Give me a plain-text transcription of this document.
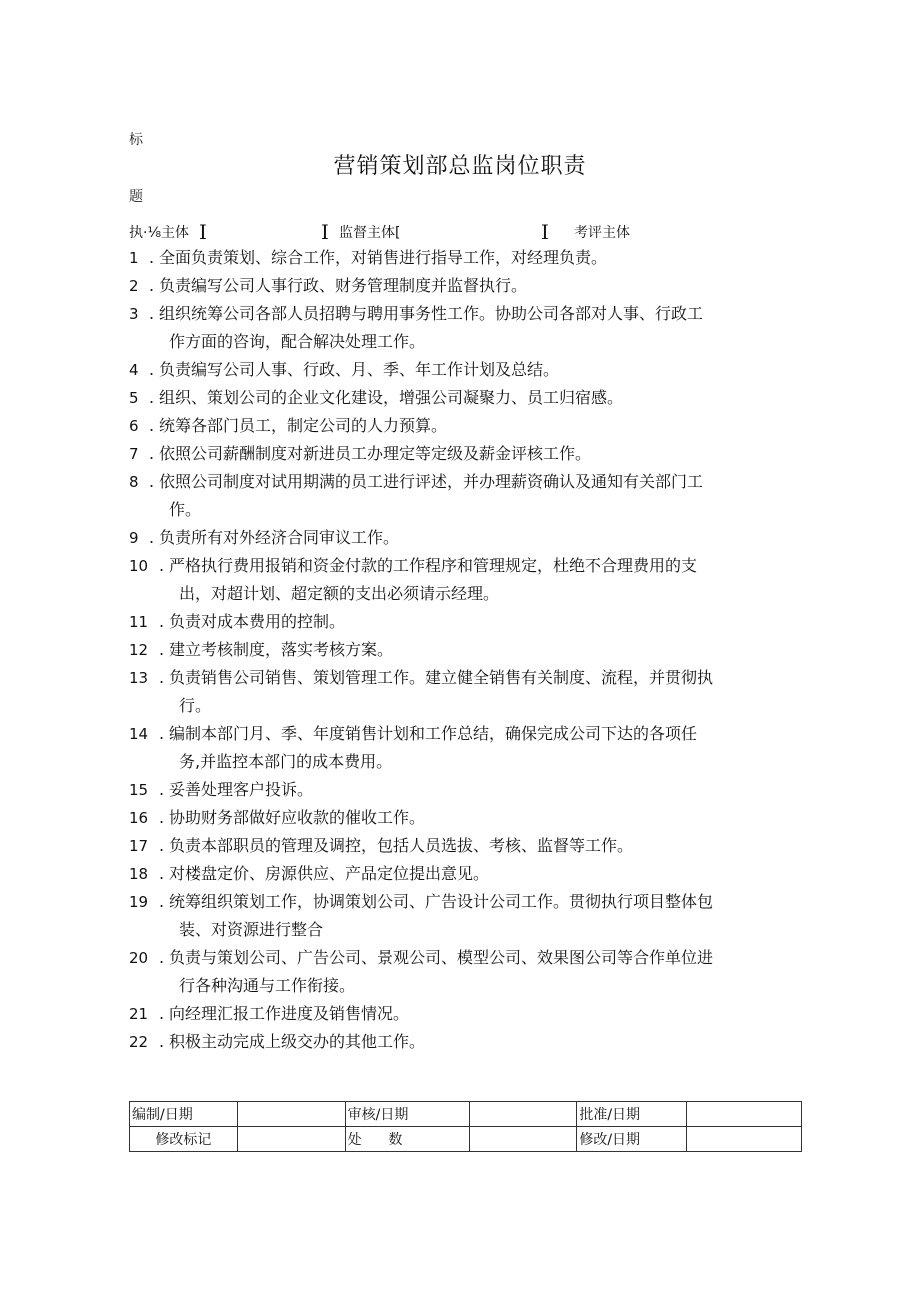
标
营销策划部总监岗位职责
题
执·⅛主体 I	I 监督主体[	I 考评主体
1 . 全面负责策划、综合工作，对销售进行指导工作，对经理负责。
2 . 负责编写公司人事行政、财务管理制度并监督执行。
3 . 组织统筹公司各部人员招聘与聘用事务性工作。协助公司各部对人事、行政工
作方面的咨询，配合解决处理工作。
4 . 负责编写公司人事、行政、月、季、年工作计划及总结。
5 . 组织、策划公司的企业文化建设，增强公司凝聚力、员工归宿感。
6 . 统筹各部门员工，制定公司的人力预算。
7 . 依照公司薪酬制度对新进员工办理定等定级及薪金评核工作。
8 . 依照公司制度对试用期满的员工进行评述，并办理薪资确认及通知有关部门工
作。
9 . 负责所有对外经济合同审议工作。
10 . 严格执行费用报销和资金付款的工作程序和管理规定，杜绝不合理费用的支
出，对超计划、超定额的支出必须请示经理。
11 . 负责对成本费用的控制。
12 . 建立考核制度，落实考核方案。
13 . 负责销售公司销售、策划管理工作。建立健全销售有关制度、流程，并贯彻执
行。
14 . 编制本部门月、季、年度销售计划和工作总结，确保完成公司下达的各项任
务,并监控本部门的成本费用。
15 . 妥善处理客户投诉。
16 . 协助财务部做好应收款的催收工作。
17 . 负责本部职员的管理及调控，包括人员选拔、考核、监督等工作。
18 . 对楼盘定价、房源供应、产品定位提出意见。
19 . 统筹组织策划工作，协调策划公司、广告设计公司工作。贯彻执行项目整体包
装、对资源进行整合
20 . 负责与策划公司、广告公司、景观公司、模型公司、效果图公司等合作单位进
行各种沟通与工作衔接。
21 . 向经理汇报工作进度及销售情况。
22 . 积极主动完成上级交办的其他工作。
编制/日期		审核/日期		批准/日期	
修改标记		处      数		修改/日期	
